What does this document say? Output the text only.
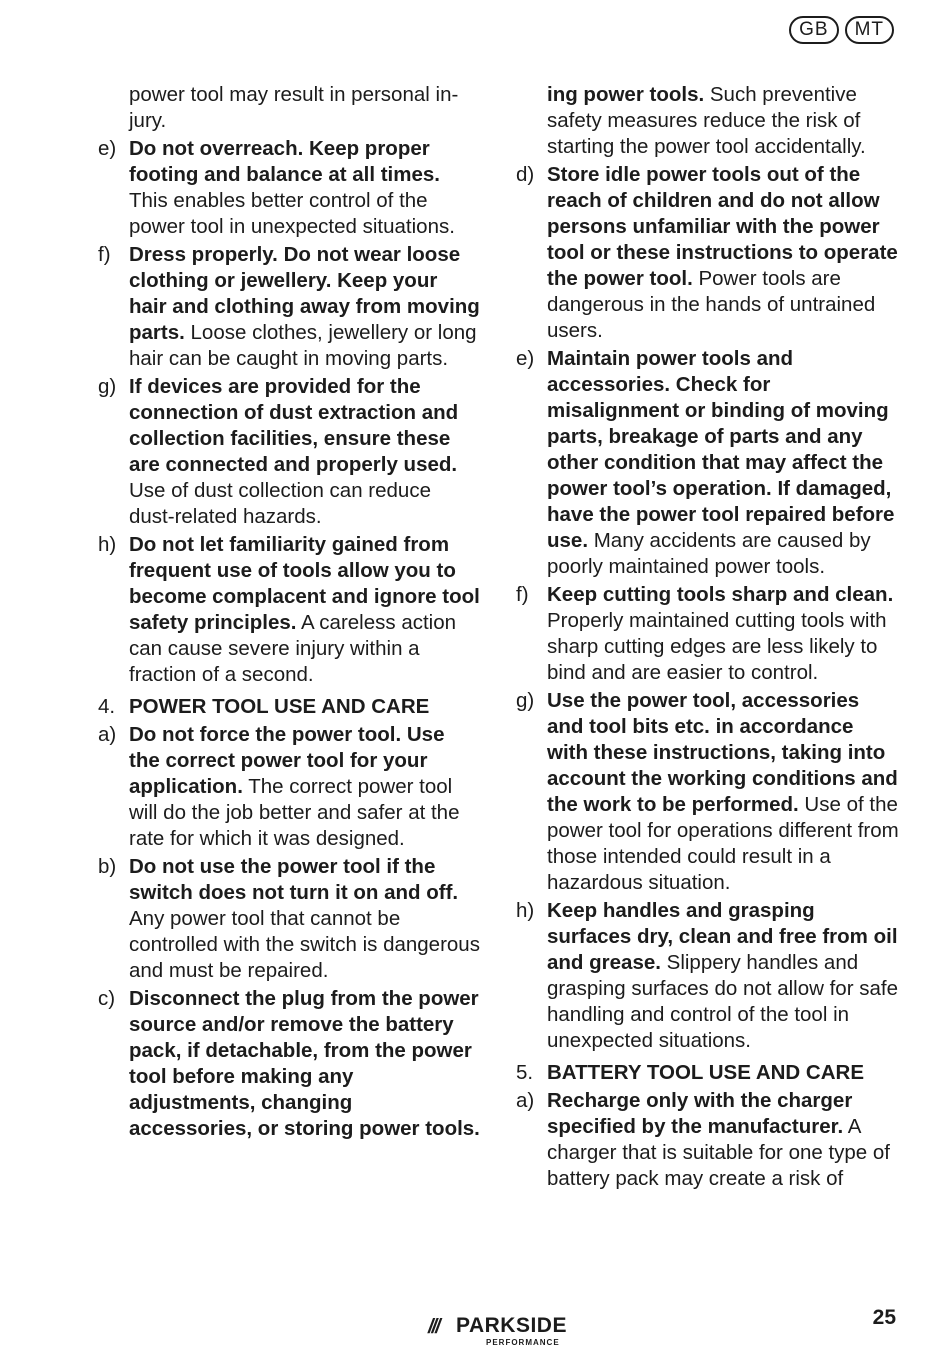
GB	MT
power tool may result in personal injury.
e) Do not overreach. Keep proper footing and balance at all times. This enables better control of the power tool in unexpected situations.
f) Dress properly. Do not wear loose clothing or jewellery. Keep your hair and clothing away from moving parts. Loose clothes, jewellery or long hair can be caught in moving parts.
g) If devices are provided for the connection of dust extraction and collection facilities, ensure these are connected and properly used. Use of dust collection can reduce dust-related hazards.
h) Do not let familiarity gained from frequent use of tools allow you to become complacent and ignore tool safety principles. A careless action can cause severe injury within a fraction of a second.
4. POWER TOOL USE AND CARE
a) Do not force the power tool. Use the correct power tool for your application. The correct power tool will do the job better and safer at the rate for which it was designed.
b) Do not use the power tool if the switch does not turn it on and off. Any power tool that cannot be controlled with the switch is dangerous and must be repaired.
c) Disconnect the plug from the power source and/or remove the battery pack, if detachable, from the power tool before making any adjustments, changing accessories, or storing power tools.
ing power tools. Such preventive safety measures reduce the risk of starting the power tool accidentally.
d) Store idle power tools out of the reach of children and do not allow persons unfamiliar with the power tool or these instructions to operate the power tool. Power tools are dangerous in the hands of untrained users.
e) Maintain power tools and accessories. Check for misalignment or binding of moving parts, breakage of parts and any other condition that may affect the power tool’s operation. If damaged, have the power tool repaired before use. Many accidents are caused by poorly maintained power tools.
f) Keep cutting tools sharp and clean. Properly maintained cutting tools with sharp cutting edges are less likely to bind and are easier to control.
g) Use the power tool, accessories and tool bits etc. in accordance with these instructions, taking into account the working conditions and the work to be performed. Use of the power tool for operations different from those intended could result in a hazardous situation.
h) Keep handles and grasping surfaces dry, clean and free from oil and grease. Slippery handles and grasping surfaces do not allow for safe handling and control of the tool in unexpected situations.
5. BATTERY TOOL USE AND CARE
a) Recharge only with the charger specified by the manufacturer. A charger that is suitable for one type of battery pack may create a risk of
/// PARKSIDE
PERFORMANCE
25
